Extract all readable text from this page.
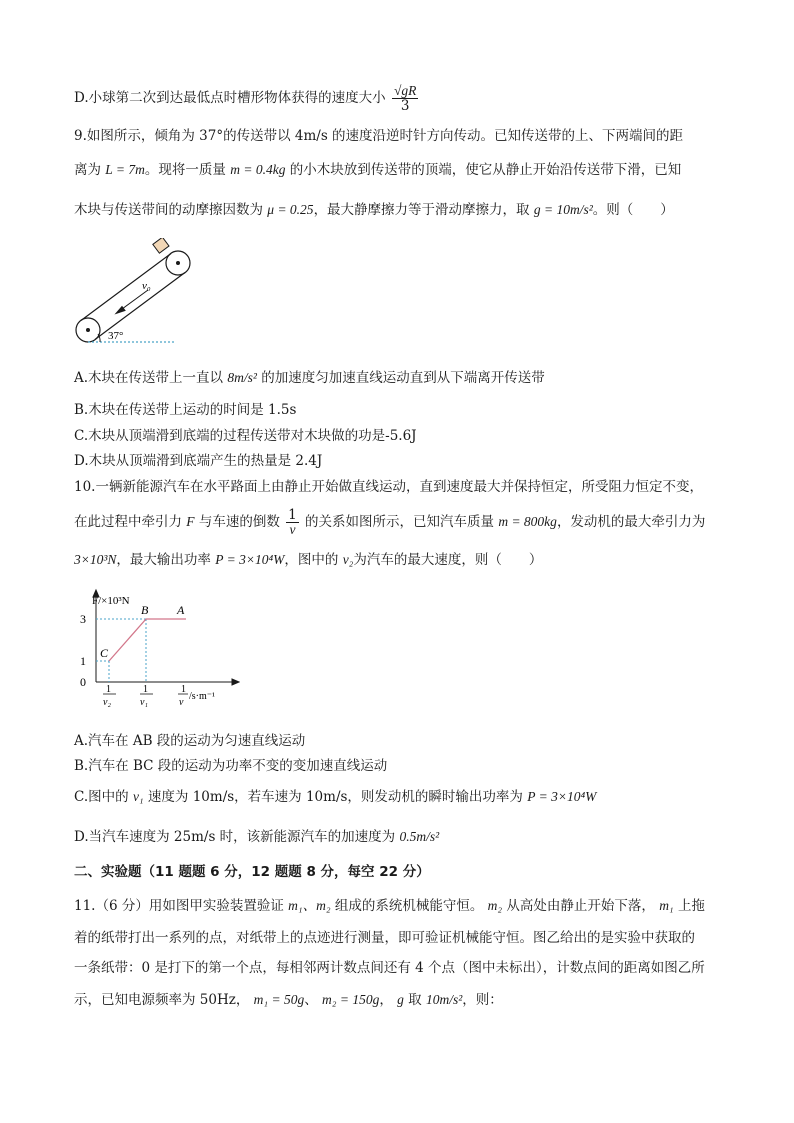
D.小球第二次到达最低点时槽形物体获得的速度大小 $\frac{√gR}{3}$
9.如图所示，倾角为 37°的传送带以 4m/s 的速度沿逆时针方向传动。已知传送带的上、下两端间的距
离为 L = 7m。现将一质量 m = 0.4kg 的小木块放到传送带的顶端，使它从静止开始沿传送带下滑，已知
木块与传送带间的动摩擦因数为 μ = 0.25，最大静摩擦力等于滑动摩擦力，取 g = 10m/s²。则（　　）
v₀
37°
A.木块在传送带上一直以 8m/s² 的加速度匀加速直线运动直到从下端离开传送带
B.木块在传送带上运动的时间是 1.5s
C.木块从顶端滑到底端的过程传送带对木块做的功是-5.6J
D.木块从顶端滑到底端产生的热量是 2.4J
10.一辆新能源汽车在水平路面上由静止开始做直线运动，直到速度最大并保持恒定，所受阻力恒定不变，
在此过程中牵引力 F 与车速的倒数 $\frac{1}{v}$ 的关系如图所示，已知汽车质量 m = 800kg，发动机的最大牵引力为
3×10³N，最大输出功率 P = 3×10⁴W，图中的 v₂为汽车的最大速度，则（　　）
F/×10³N
3
1
0
B A
C
1
v₂
1
v₁
1
v
/s·m⁻¹
A.汽车在 AB 段的运动为匀速直线运动
B.汽车在 BC 段的运动为功率不变的变加速直线运动
C.图中的 v₁ 速度为 10m/s，若车速为 10m/s，则发动机的瞬时输出功率为 P = 3×10⁴W
D.当汽车速度为 25m/s 时，该新能源汽车的加速度为 0.5m/s²
二、实验题（11 题题 6 分，12 题题 8 分，每空 22 分）
11.（6 分）用如图甲实验装置验证 m₁、m₂ 组成的系统机械能守恒。 m₂ 从高处由静止开始下落， m₁ 上拖
着的纸带打出一系列的点，对纸带上的点迹进行测量，即可验证机械能守恒。图乙给出的是实验中获取的
一条纸带：0 是打下的第一个点，每相邻两计数点间还有 4 个点（图中未标出），计数点间的距离如图乙所
示，已知电源频率为 50Hz， m₁ = 50g、 m₂ = 150g， g 取 10m/s²，则：
